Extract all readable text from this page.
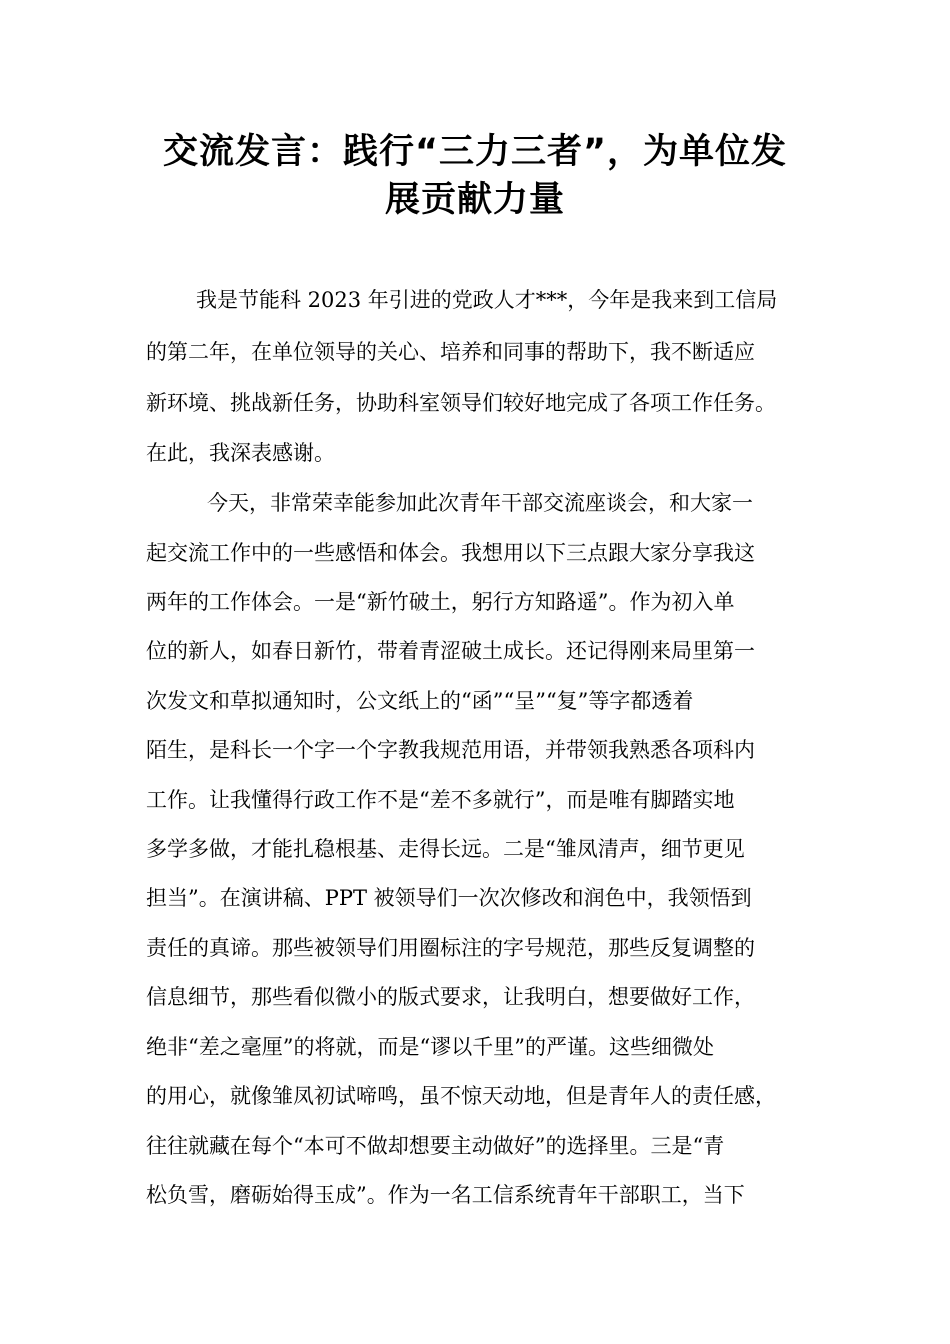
交流发言：践行“三力三者”，为单位发
展贡献力量
我是节能科 2023 年引进的党政人才***，今年是我来到工信局
的第二年，在单位领导的关心、培养和同事的帮助下，我不断适应
新环境、挑战新任务，协助科室领导们较好地完成了各项工作任务。
在此，我深表感谢。
今天，非常荣幸能参加此次青年干部交流座谈会，和大家一
起交流工作中的一些感悟和体会。我想用以下三点跟大家分享我这
两年的工作体会。一是“新竹破土，躬行方知路遥”。作为初入单
位的新人，如春日新竹，带着青涩破土成长。还记得刚来局里第一
次发文和草拟通知时，公文纸上的“函”“呈”“复”等字都透着
陌生，是科长一个字一个字教我规范用语，并带领我熟悉各项科内
工作。让我懂得行政工作不是“差不多就行”，而是唯有脚踏实地
多学多做，才能扎稳根基、走得长远。二是“雏凤清声，细节更见
担当”。在演讲稿、PPT 被领导们一次次修改和润色中，我领悟到
责任的真谛。那些被领导们用圈标注的字号规范，那些反复调整的
信息细节，那些看似微小的版式要求，让我明白，想要做好工作，
绝非“差之毫厘”的将就，而是“谬以千里”的严谨。这些细微处
的用心，就像雏凤初试啼鸣，虽不惊天动地，但是青年人的责任感，
往往就藏在每个“本可不做却想要主动做好”的选择里。三是“青
松负雪，磨砺始得玉成”。作为一名工信系统青年干部职工，当下
